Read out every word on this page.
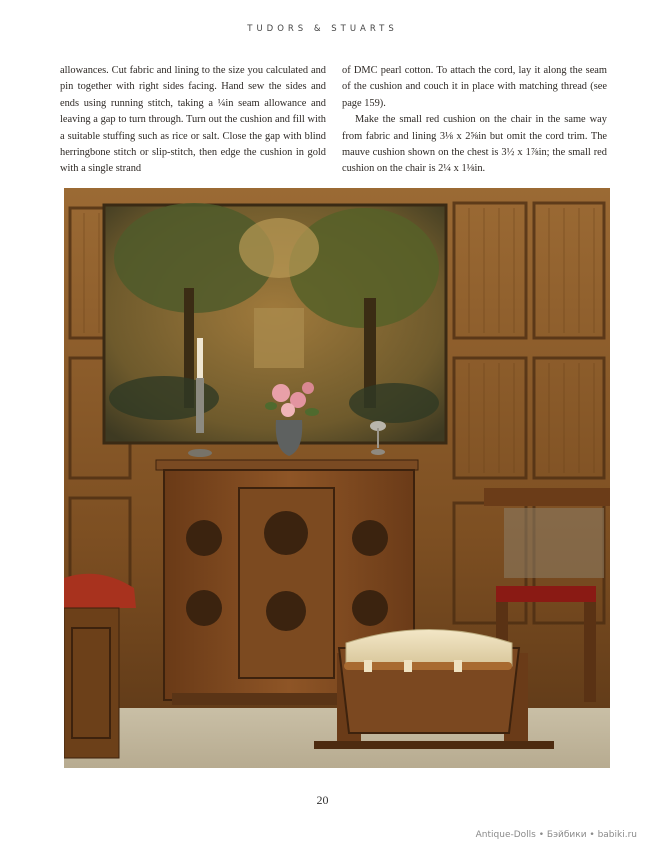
TUDORS & STUARTS

allowances. Cut fabric and lining to the size you calculated and pin together with right sides facing. Hand sew the sides and ends using running stitch, taking a ¼in seam allowance and leaving a gap to turn through. Turn out the cushion and fill with a suitable stuffing such as rice or salt. Close the gap with blind herringbone stitch or slip-stitch, then edge the cushion in gold with a single strand

of DMC pearl cotton. To attach the cord, lay it along the seam of the cushion and couch it in place with matching thread (see page 159).

Make the small red cushion on the chair in the same way from fabric and lining 3⅛ x 2⅝in but omit the cord trim. The mauve cushion shown on the chest is 3½ x 1⅞in; the small red cushion on the chair is 2¼ x 1⅛in.

20
Antique-Dolls • Бэйбики • babiki.ru
